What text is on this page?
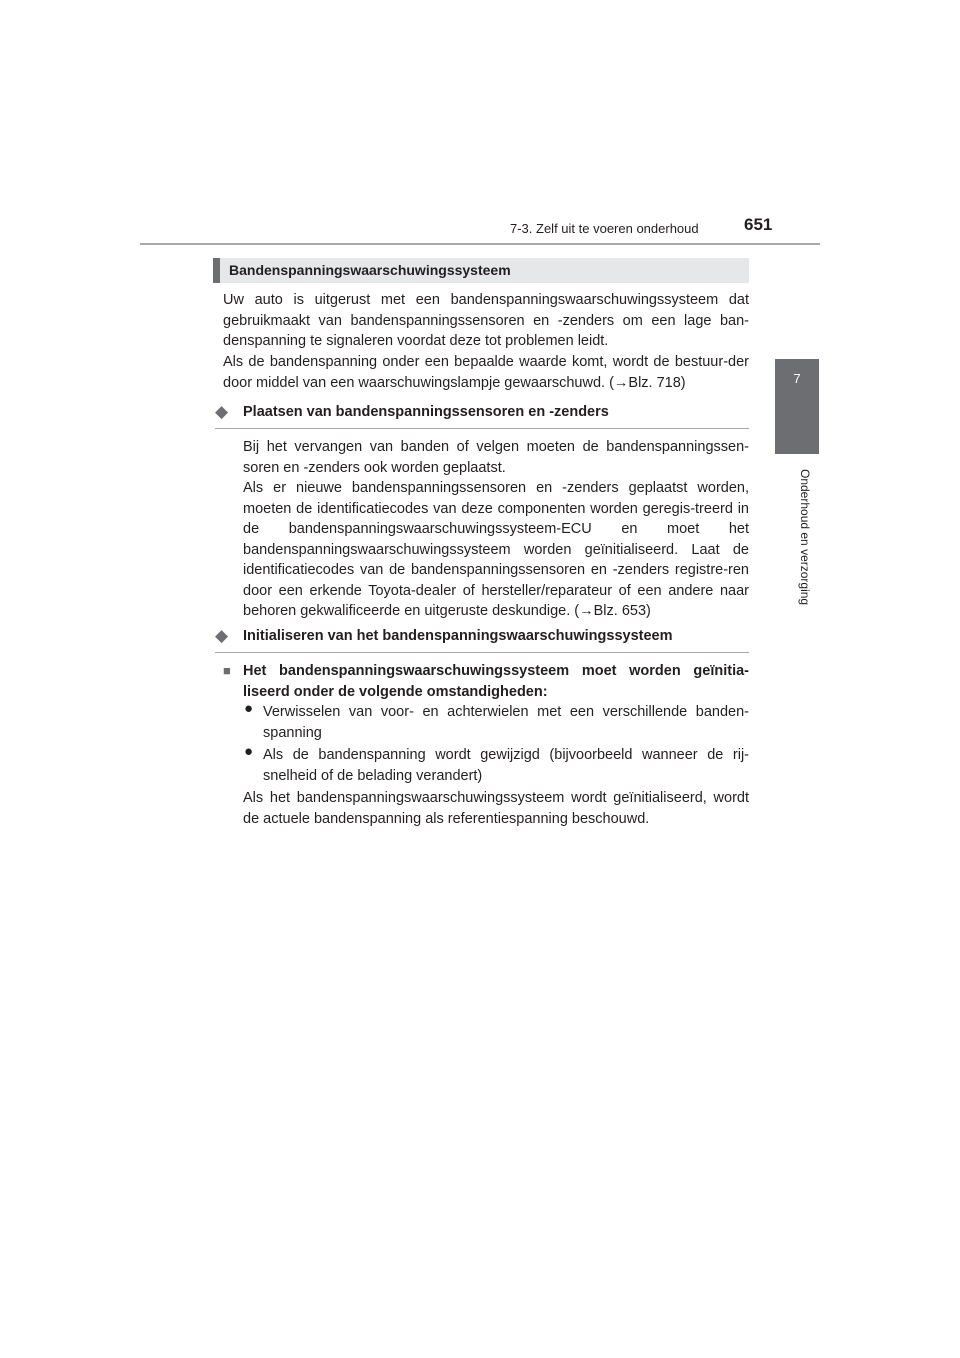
7-3. Zelf uit te voeren onderhoud	651
7
Onderhoud en verzorging
Bandenspanningswaarschuwingssysteem

Uw auto is uitgerust met een bandenspanningswaarschuwingssysteem dat gebruikmaakt van bandenspanningssensoren en -zenders om een lage ban-denspanning te signaleren voordat deze tot problemen leidt.

Als de bandenspanning onder een bepaalde waarde komt, wordt de bestuur-der door middel van een waarschuwingslampje gewaarschuwd. (→Blz. 718)

◆ Plaatsen van bandenspanningssensoren en -zenders

Bij het vervangen van banden of velgen moeten de bandenspanningssen-soren en -zenders ook worden geplaatst.

Als er nieuwe bandenspanningssensoren en -zenders geplaatst worden, moeten de identificatiecodes van deze componenten worden geregis-treerd in de bandenspanningswaarschuwingssysteem-ECU en moet het bandenspanningswaarschuwingssysteem worden geïnitialiseerd. Laat de identificatiecodes van de bandenspanningssensoren en -zenders registre-ren door een erkende Toyota-dealer of hersteller/reparateur of een andere naar behoren gekwalificeerde en uitgeruste deskundige. (→Blz. 653)

◆ Initialiseren van het bandenspanningswaarschuwingssysteem
■ Het bandenspanningswaarschuwingssysteem moet worden geïnitia-liseerd onder de volgende omstandigheden:

● Verwisselen van voor- en achterwielen met een verschillende banden-spanning

● Als de bandenspanning wordt gewijzigd (bijvoorbeeld wanneer de rij-snelheid of de belading verandert)

Als het bandenspanningswaarschuwingssysteem wordt geïnitialiseerd, wordt de actuele bandenspanning als referentiespanning beschouwd.
